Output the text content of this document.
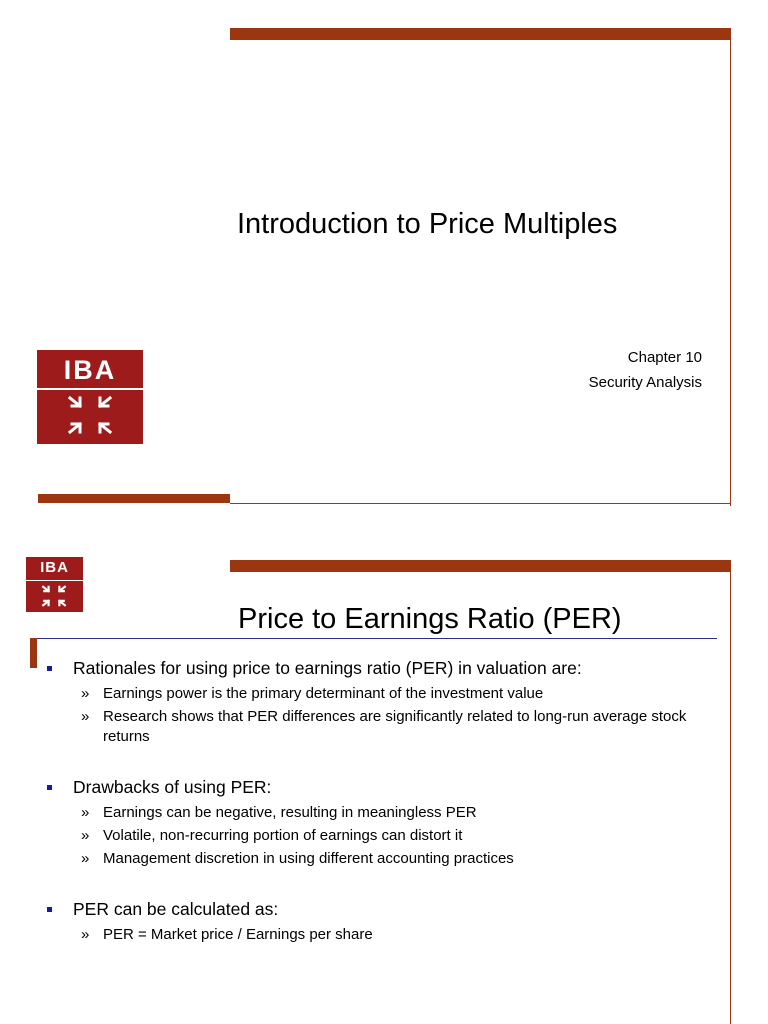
IBA
Introduction to Price Multiples
Chapter 10
Security Analysis
IBA
Price to Earnings Ratio (PER)
Rationales for using price to earnings ratio (PER) in valuation are:
» Earnings power is the primary determinant of the investment value
» Research shows that PER differences are significantly related to long-run average stock returns
Drawbacks of using PER:
» Earnings can be negative, resulting in meaningless PER
» Volatile, non-recurring portion of earnings can distort it
» Management discretion in using different accounting practices
PER can be calculated as:
» PER = Market price / Earnings per share
